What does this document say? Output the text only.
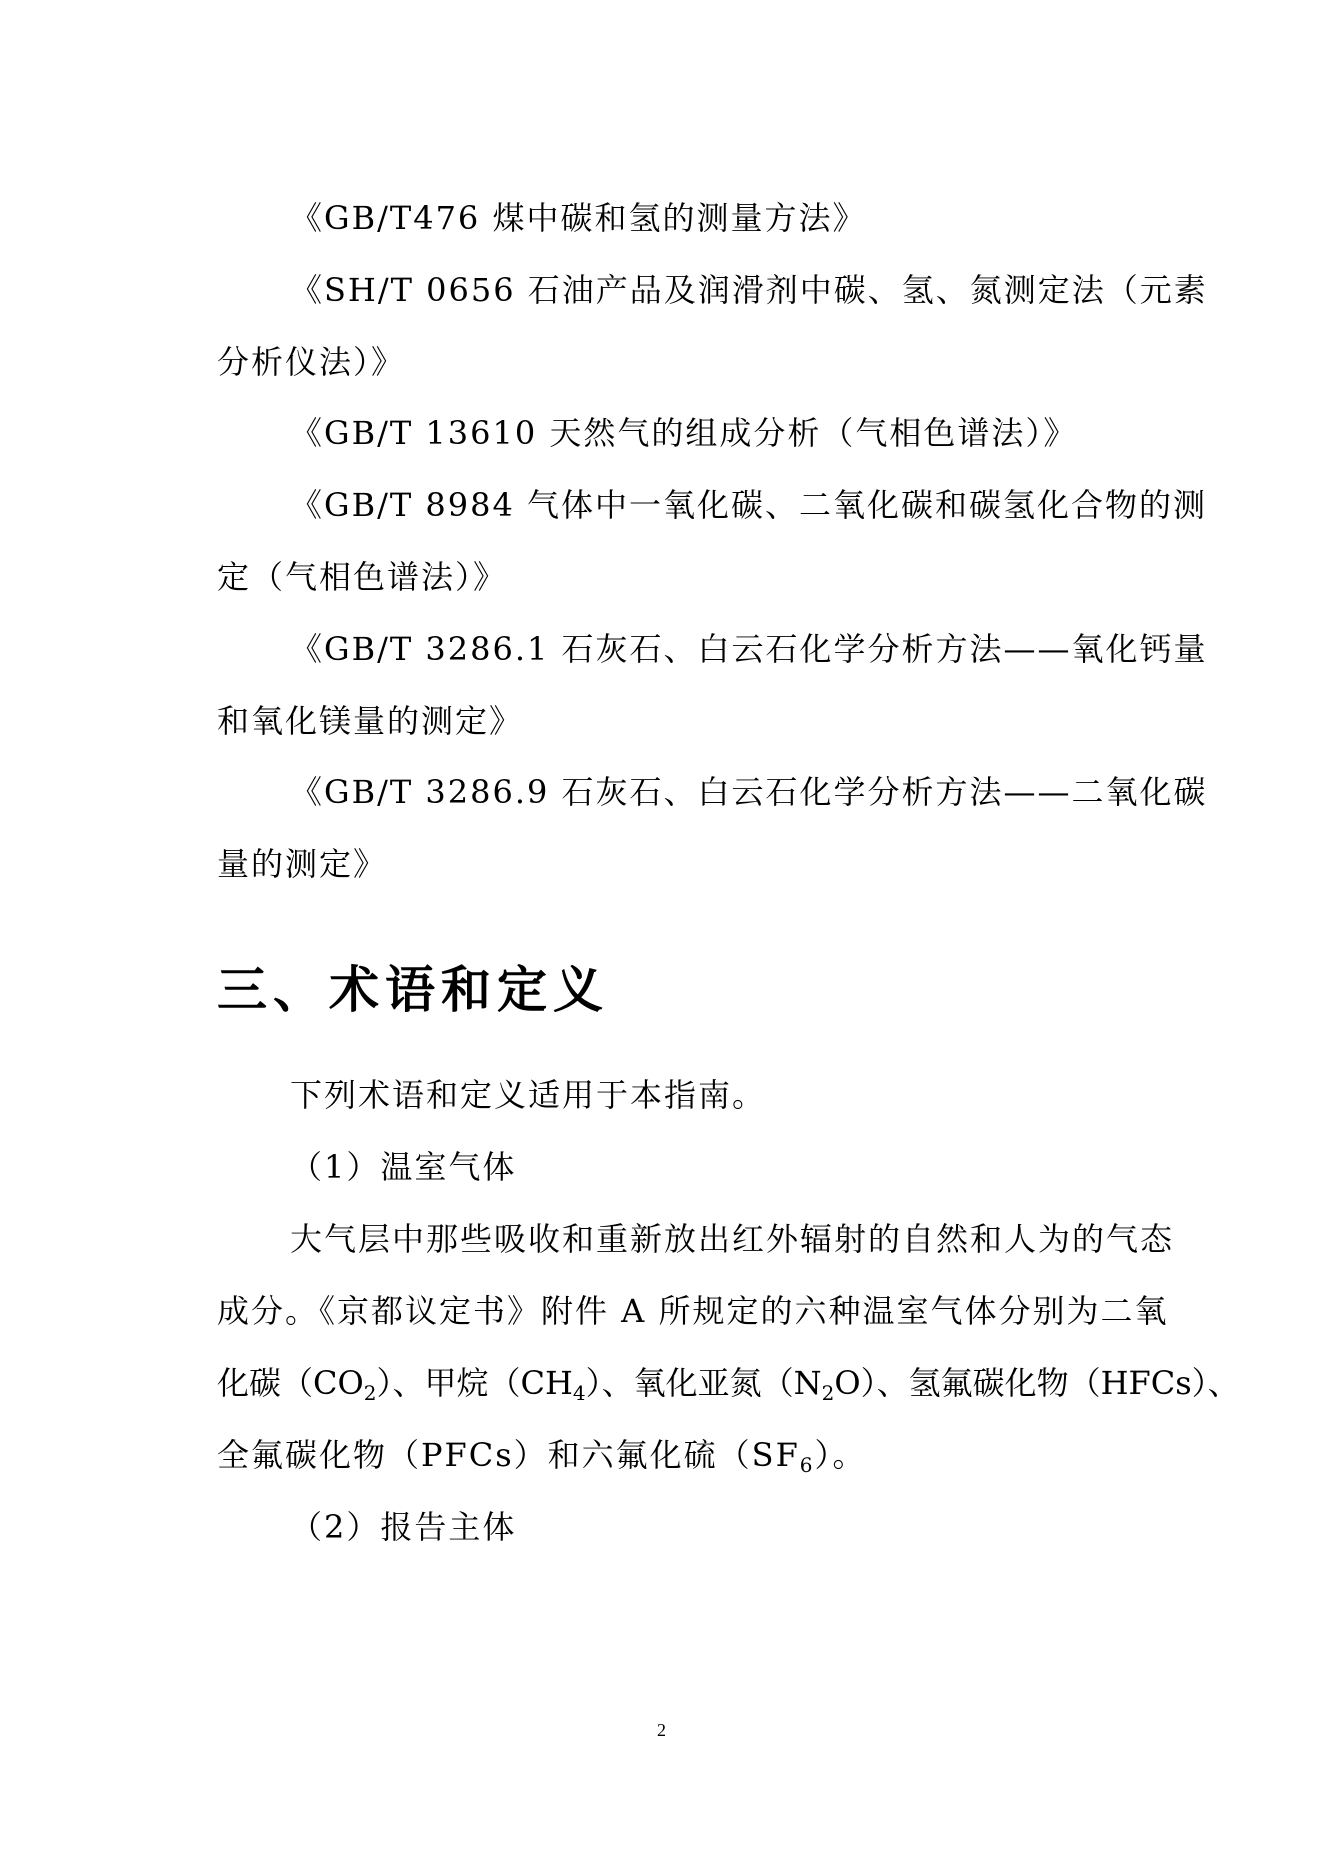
《GB/T476 煤中碳和氢的测量方法》
《SH/T 0656 石油产品及润滑剂中碳、氢、氮测定法（元素
分析仪法）》
《GB/T 13610 天然气的组成分析（气相色谱法）》
《GB/T 8984 气体中一氧化碳、二氧化碳和碳氢化合物的测
定（气相色谱法）》
《GB/T 3286.1 石灰石、白云石化学分析方法——氧化钙量
和氧化镁量的测定》
《GB/T 3286.9 石灰石、白云石化学分析方法——二氧化碳
量的测定》
三、术语和定义
下列术语和定义适用于本指南。
（1）温室气体
大气层中那些吸收和重新放出红外辐射的自然和人为的气态
成分。《京都议定书》附件 A 所规定的六种温室气体分别为二氧
化碳$(CO_2)$、甲烷$(CH_4)$、氧化亚氮$(N_2O)$、氢氟碳化物（HFCs）、
全氟碳化物（PFCs）和六氟化硫$(SF_6)$。
（2）报告主体
2
